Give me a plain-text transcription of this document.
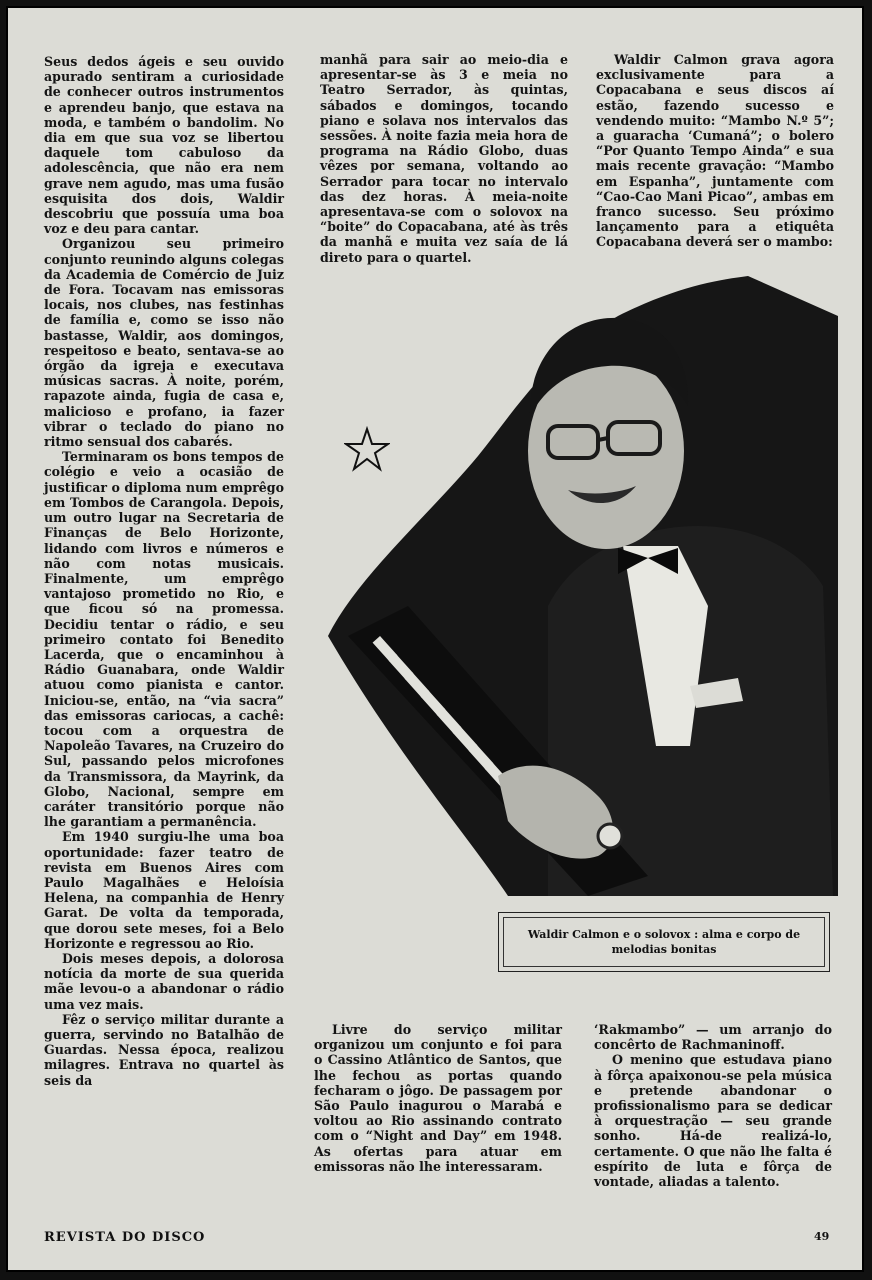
Seus dedos ágeis e seu ouvido apurado sentiram a curiosidade de conhecer outros instrumentos e aprendeu banjo, que estava na moda, e também o bandolim. No dia em que sua voz se libertou daquele tom cabuloso da adolescência, que não era nem grave nem agudo, mas uma fusão esquisita dos dois, Waldir descobriu que possuía uma boa voz e deu para cantar.

Organizou seu primeiro conjunto reunindo alguns colegas da Academia de Comércio de Juiz de Fora. Tocavam nas emissoras locais, nos clubes, nas festinhas de família e, como se isso não bastasse, Waldir, aos domingos, respeitoso e beato, sentava-se ao órgão da igreja e executava músicas sacras. À noite, porém, rapazote ainda, fugia de casa e, malicioso e profano, ia fazer vibrar o teclado do piano no ritmo sensual dos cabarés.

Terminaram os bons tempos de colégio e veio a ocasião de justificar o diploma num emprêgo em Tombos de Carangola. Depois, um outro lugar na Secretaria de Finanças de Belo Horizonte, lidando com livros e números e não com notas musicais. Finalmente, um emprêgo vantajoso prometido no Rio, e que ficou só na promessa. Decidiu tentar o rádio, e seu primeiro contato foi Benedito Lacerda, que o encaminhou à Rádio Guanabara, onde Waldir atuou como pianista e cantor. Iniciou-se, então, na “via sacra” das emissoras cariocas, a cachê: tocou com a orquestra de Napoleão Tavares, na Cruzeiro do Sul, passando pelos microfones da Transmissora, da Mayrink, da Globo, Nacional, sempre em caráter transitório porque não lhe garantiam a permanência.

Em 1940 surgiu-lhe uma boa oportunidade: fazer teatro de revista em Buenos Aires com Paulo Magalhães e Heloísia Helena, na companhia de Henry Garat. De volta da temporada, que dorou sete meses, foi a Belo Horizonte e regressou ao Rio.

Dois meses depois, a dolorosa notícia da morte de sua querida mãe levou-o a abandonar o rádio uma vez mais.

Fêz o serviço militar durante a guerra, servindo no Batalhão de Guardas. Nessa época, realizou milagres. Entrava no quartel às seis da

manhã para sair ao meio-dia e apresentar-se às 3 e meia no Teatro Serrador, às quintas, sábados e domingos, tocando piano e solava nos intervalos das sessões. À noite fazia meia hora de programa na Rádio Globo, duas vêzes por semana, voltando ao Serrador para tocar no intervalo das dez horas. À meia-noite apresentava-se com o solovox na “boite” do Copacabana, até às três da manhã e muita vez saía de lá direto para o quartel.

Waldir Calmon grava agora exclusivamente para a Copacabana e seus discos aí estão, fazendo sucesso e vendendo muito: “Mambo N.º 5”; a guaracha ‘Cumaná”; o bolero “Por Quanto Tempo Ainda” e sua mais recente gravação: “Mambo em Espanha”, juntamente com “Cao-Cao Mani Picao”, ambas em franco sucesso. Seu próximo lançamento para a etiquêta Copacabana deverá ser o mambo:

Waldir Calmon e o solovox : alma e corpo de melodias bonitas

Livre do serviço militar organizou um conjunto e foi para o Cassino Atlântico de Santos, que lhe fechou as portas quando fecharam o jôgo. De passagem por São Paulo inagurou o Marabá e voltou ao Rio assinando contrato com o “Night and Day” em 1948. As ofertas para atuar em emissoras não lhe interessaram.

‘Rakmambo” — um arranjo do concêrto de Rachmaninoff.

O menino que estudava piano à fôrça apaixonou-se pela música e pretende abandonar o profissionalismo para se dedicar à orquestração — seu grande sonho. Há-de realizá-lo, certamente. O que não lhe falta é espírito de luta e fôrça de vontade, aliadas a talento.

REVISTA DO DISCO	49
